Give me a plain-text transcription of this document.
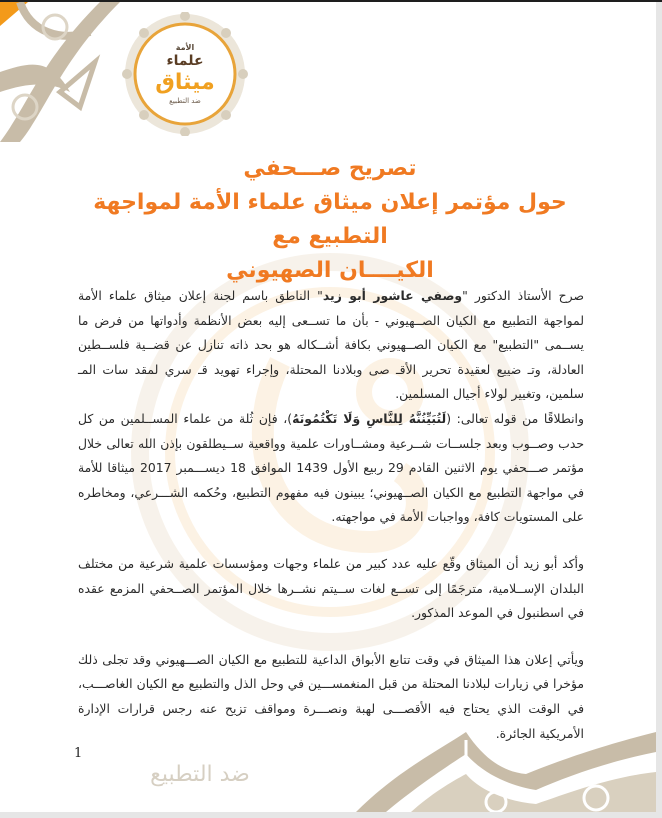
الأمة
علماء
ميثاق
ضد التطبيع
تصريح صـــحفي
حول مؤتمر إعلان ميثاق علماء الأمة لمواجهة التطبيع مع
الكيــــان الصهيوني

صرح الأستاذ الدكتور "وصفي عاشور أبو زيد" الناطق باسم لجنة إعلان ميثاق علماء الأمة لمواجهة التطبيع مع الكيان الصــهيوني - بأن ما تســعى إليه بعض الأنظمة وأدواتها من فرض ما يســمى "التطبيع" مع الكيان الصــهيوني بكافة أشــكاله هو بحد ذاته تنازل عن قضــية فلســطين العادلة، وتـ ضييع لعقيدة تحرير الأقـ صى وبلادنا المحتلة، وإجراء تهويد قـ سري لمقد سات المـ سلمين، وتغيير لولاء أجيال المسلمين.

وانطلاقًا من قوله تعالى: (لَتُبَيِّنُنَّهُ لِلنَّاسِ وَلَا تَكْتُمُونَهُ)، فإن ثُلة من علماء المســلمين من كل حدب وصــوب وبعد جلســات شــرعية ومشــاورات علمية وواقعية ســيطلقون بإذن الله تعالى خلال مؤتمر صـــحفي يوم الاثنين القادم 29 ربيع الأول 1439 الموافق 18 ديســـمبر 2017 ميثاقا للأمة في مواجهة التطبيع مع الكيان الصــهيوني؛ يبينون فيه مفهوم التطبيع، وحُكمه الشـــرعي، ومخاطره على المستويات كافة، وواجبات الأمة في مواجهته.

وأكد أبو زيد أن الميثاق وقّع عليه عدد كبير من علماء وجهات ومؤسسات علمية شرعية من مختلف البلدان الإســلامية، مترجَمًا إلى تســع لغات ســيتم نشــرها خلال المؤتمر الصــحفي المزمع عقده في اسطنبول في الموعد المذكور.

ويأتي إعلان هذا الميثاق في وقت تتابع الأبواق الداعية للتطبيع مع الكيان الصـــهيوني وقد تجلى ذلك مؤخرا في زيارات لبلادنا المحتلة من قبل المنغمســـين في وحل الذل والتطبيع مع الكيان الغاصـــب، في الوقت الذي يحتاج فيه الأقصـــى لهبة ونصـــرة ومواقف تزيح عنه رجس قرارات الإدارة الأمريكية الجائرة.

1
ضد التطبيع
